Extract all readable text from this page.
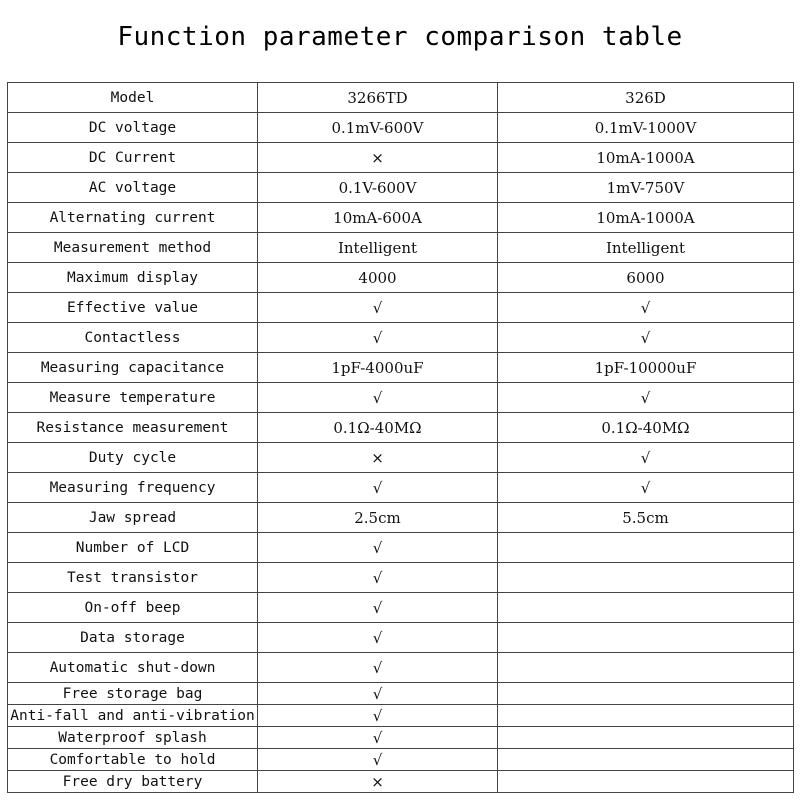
Function parameter comparison table
Model	3266TD	326D
DC voltage	0.1mV-600V	0.1mV-1000V
DC Current	×	10mA-1000A
AC voltage	0.1V-600V	1mV-750V
Alternating current	10mA-600A	10mA-1000A
Measurement method	Intelligent	Intelligent
Maximum display	4000	6000
Effective value	√	√
Contactless	√	√
Measuring capacitance	1pF-4000uF	1pF-10000uF
Measure temperature	√	√
Resistance measurement	0.1Ω-40MΩ	0.1Ω-40MΩ
Duty cycle	×	√
Measuring frequency	√	√
Jaw spread	2.5cm	5.5cm
Number of LCD	√	
Test transistor	√	
On-off beep	√	
Data storage	√	
Automatic shut-down	√	
Free storage bag	√	
Anti-fall and anti-vibration	√	
Waterproof splash	√	
Comfortable to hold	√	
Free dry battery	×	
